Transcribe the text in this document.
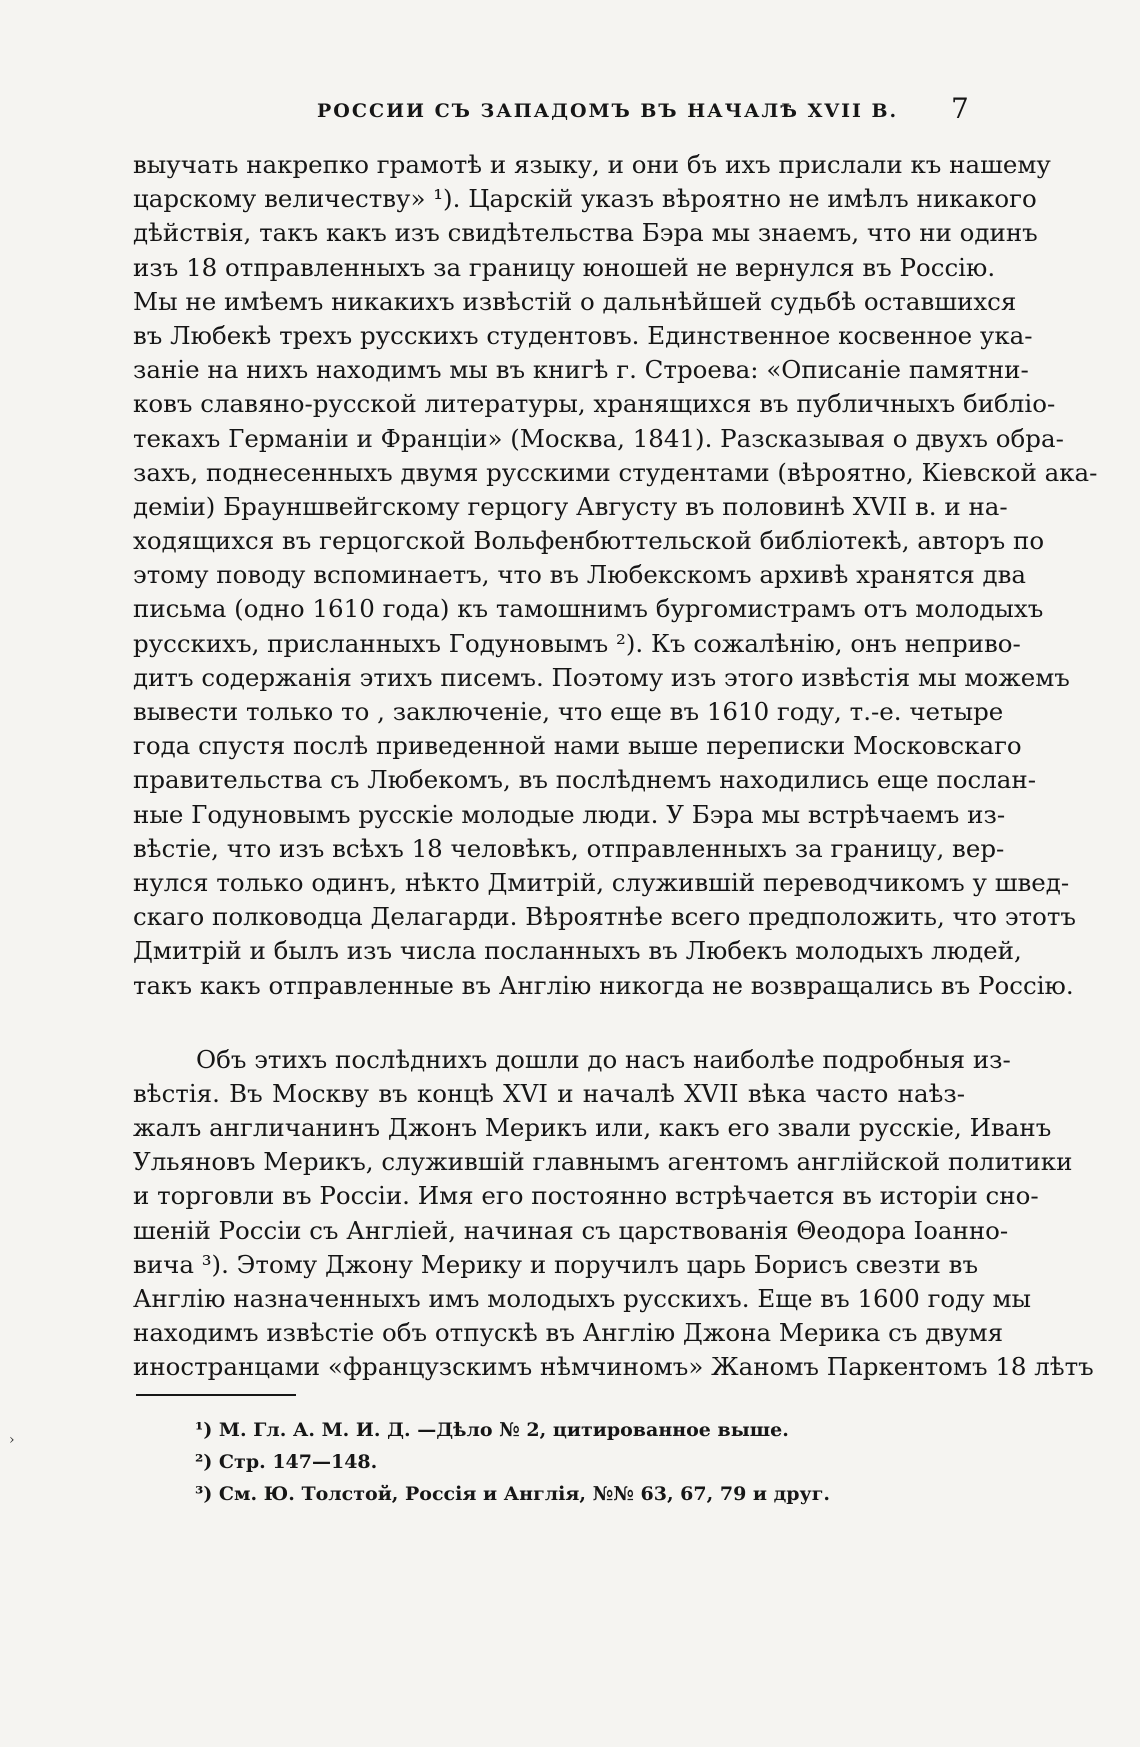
РОССИИ СЪ ЗАПАДОМЪ ВЪ НАЧАЛѢ XVII В. 7
выучать накрепко грамотѣ и языку, и они бъ ихъ прислали къ нашему
царскому величеству» ¹). Царскій указъ вѣроятно не имѣлъ никакого
дѣйствія, такъ какъ изъ свидѣтельства Бэра мы знаемъ, что ни одинъ
изъ 18 отправленныхъ за границу юношей не вернулся въ Россію.
Мы не имѣемъ никакихъ извѣстій о дальнѣйшей судьбѣ оставшихся
въ Любекѣ трехъ русскихъ студентовъ. Единственное косвенное ука-
заніе на нихъ находимъ мы въ книгѣ г. Строева: «Описаніе памятни-
ковъ славяно-русской литературы, хранящихся въ публичныхъ библіо-
текахъ Германіи и Франціи» (Москва, 1841). Разсказывая о двухъ обра-
захъ, поднесенныхъ двумя русскими студентами (вѣроятно, Кіевской ака-
деміи) Брауншвейгскому герцогу Августу въ половинѣ XVII в. и на-
ходящихся въ герцогской Вольфенбюттельской библіотекѣ, авторъ по
этому поводу вспоминаетъ, что въ Любекскомъ архивѣ хранятся два
письма (одно 1610 года) къ тамошнимъ бургомистрамъ отъ молодыхъ
русскихъ, присланныхъ Годуновымъ ²). Къ сожалѣнію, онъ неприво-
дитъ содержанія этихъ писемъ. Поэтому изъ этого извѣстія мы можемъ
вывести только то , заключеніе, что еще въ 1610 году, т.-е. четыре
года спустя послѣ приведенной нами выше переписки Московскаго
правительства съ Любекомъ, въ послѣднемъ находились еще послан-
ные Годуновымъ русскіе молодые люди. У Бэра мы встрѣчаемъ из-
вѣстіе, что изъ всѣхъ 18 человѣкъ, отправленныхъ за границу, вер-
нулся только одинъ, нѣкто Дмитрій, служившій переводчикомъ у швед-
скаго полководца Делагарди. Вѣроятнѣе всего предположить, что этотъ
Дмитрій и былъ изъ числа посланныхъ въ Любекъ молодыхъ людей,
такъ какъ отправленные въ Англію никогда не возвращались въ Россію.
Объ этихъ послѣднихъ дошли до насъ наиболѣе подробныя из-
вѣстія. Въ Москву въ концѣ XVI и началѣ XVII вѣка часто наѣз-
жалъ англичанинъ Джонъ Мерикъ или, какъ его звали русскіе, Иванъ
Ульяновъ Мерикъ, служившій главнымъ агентомъ англійской политики
и торговли въ Россіи. Имя его постоянно встрѣчается въ исторіи сно-
шеній Россіи съ Англіей, начиная съ царствованія Θеодора Іоанно-
вича ³). Этому Джону Мерику и поручилъ царь Борисъ свезти въ
Англію назначенныхъ имъ молодыхъ русскихъ. Еще въ 1600 году мы
находимъ извѣстіе объ отпускѣ въ Англію Джона Мерика съ двумя
иностранцами «французскимъ нѣмчиномъ» Жаномъ Паркентомъ 18 лѣтъ
¹) М. Гл. А. М. И. Д. —Дѣло № 2, цитированное выше.
²) Стр. 147—148.
³) См. Ю. Толстой, Россія и Англія, №№ 63, 67, 79 и друг.
›
